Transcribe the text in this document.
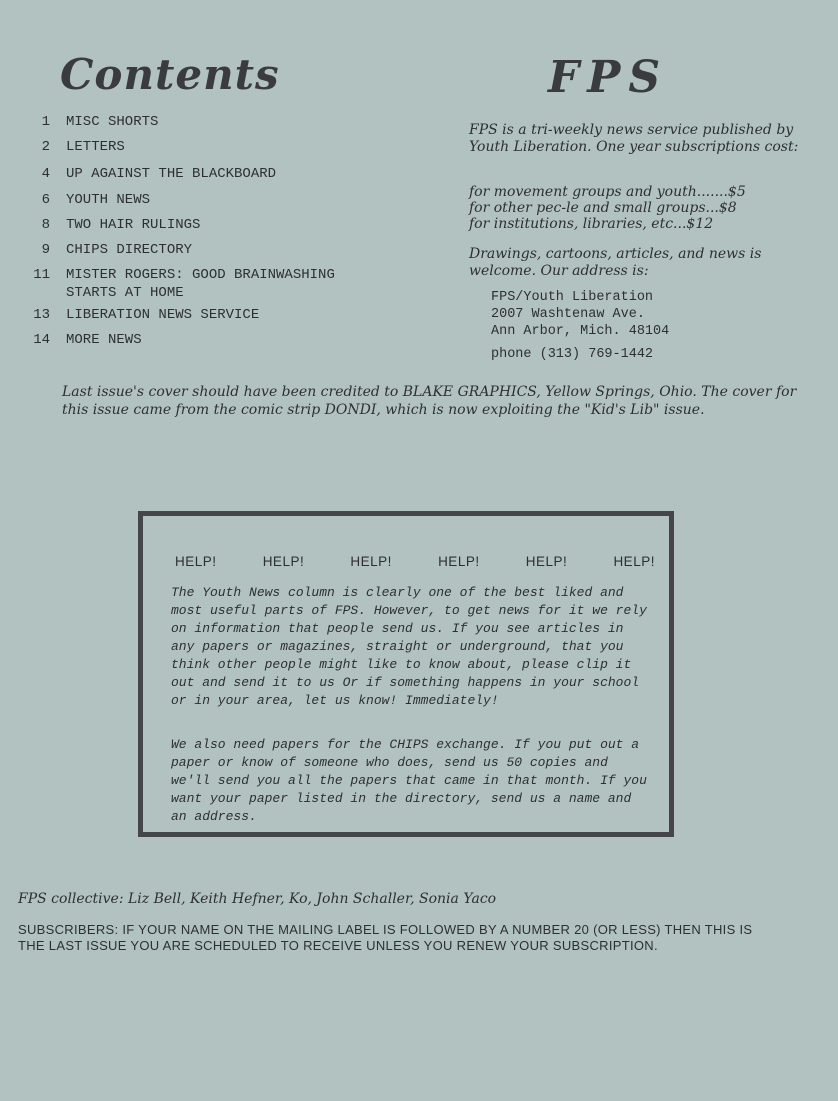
Contents	FPS
1 MISC SHORTS
2 LETTERS
4 UP AGAINST THE BLACKBOARD
6 YOUTH NEWS
8 TWO HAIR RULINGS
9 CHIPS DIRECTORY
11 MISTER ROGERS: GOOD BRAINWASHING
STARTS AT HOME
13 LIBERATION NEWS SERVICE
14 MORE NEWS

FPS is a tri-weekly news service published by Youth Liberation. One year subscriptions cost:

for movement groups and youth.......$5
for other pec-le and small groups...$8
for institutions, libraries, etc...$12

Drawings, cartoons, articles, and news is welcome. Our address is:

FPS/Youth Liberation
2007 Washtenaw Ave.
Ann Arbor, Mich. 48104
phone (313) 769-1442

Last issue's cover should have been credited to BLAKE GRAPHICS, Yellow Springs, Ohio. The cover for this issue came from the comic strip DONDI, which is now exploiting the "Kid's Lib" issue.

HELP!	HELP!	HELP!	HELP!	HELP!	HELP!

The Youth News column is clearly one of the best liked and most useful parts of FPS. However, to get news for it we rely on information that people send us. If you see articles in any papers or magazines, straight or underground, that you think other people might like to know about, please clip it out and send it to us Or if something happens in your school or in your area, let us know! Immediately!

We also need papers for the CHIPS exchange. If you put out a paper or know of someone who does, send us 50 copies and we'll send you all the papers that came in that month. If you want your paper listed in the directory, send us a name and an address.

FPS collective: Liz Bell, Keith Hefner, Ko, John Schaller, Sonia Yaco

SUBSCRIBERS: IF YOUR NAME ON THE MAILING LABEL IS FOLLOWED BY A NUMBER 20 (OR LESS) THEN THIS IS THE LAST ISSUE YOU ARE SCHEDULED TO RECEIVE UNLESS YOU RENEW YOUR SUBSCRIPTION.
